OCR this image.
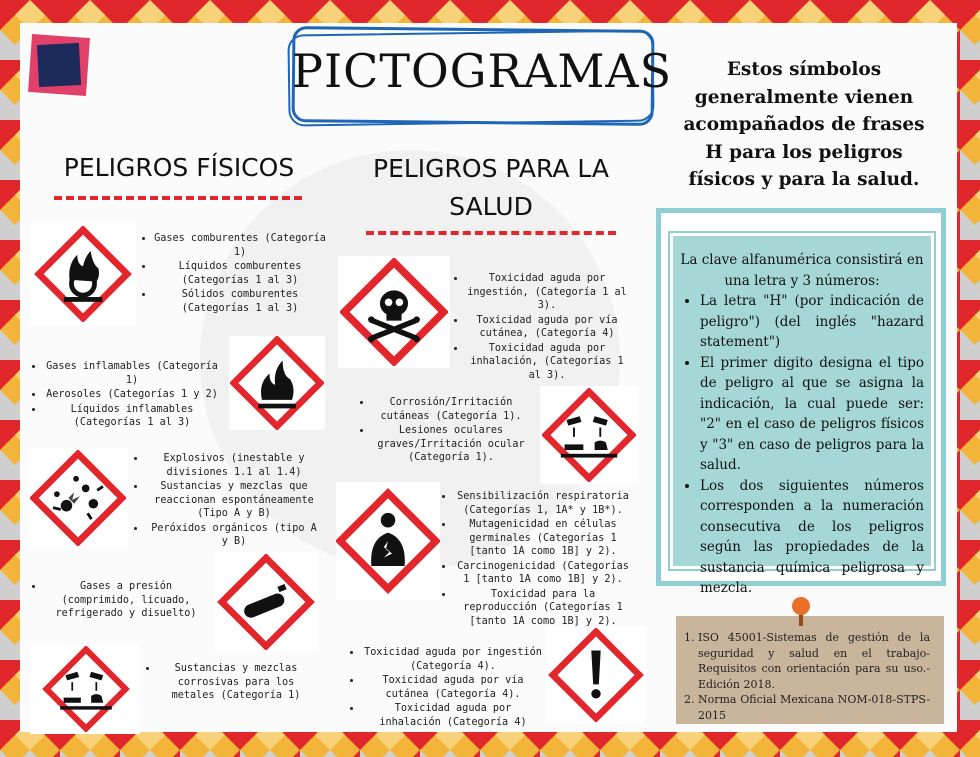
PICTOGRAMAS
PELIGROS FÍSICOS	PELIGROS PARA LA SALUD
Estos símbolos generalmente vienen acompañados de frases H para los peligros físicos y para la salud.

La clave alfanumérica consistirá en una letra y 3 números:

• La letra "H" (por indicación de peligro") (del inglés "hazard statement")
• El primer digito designa el tipo de peligro al que se asigna la indicación, la cual puede ser: "2" en el caso de peligros físicos y "3" en caso de peligros para la salud.
• Los dos siguientes números corresponden a la numeración consecutiva de los peligros según las propiedades de la sustancia química peligrosa y mezcla.
1. ISO 45001-Sistemas de gestión de la seguridad y salud en el trabajo- Requisitos con orientación para su uso.- Edición 2018.
2. Norma Oficial Mexicana NOM-018-STPS-2015
• Gases comburentes (Categoría 1)
• Líquidos comburentes (Categorías 1 al 3)
• Sólidos comburentes (Categorías 1 al 3)
• Gases inflamables (Categoría 1)
• Aerosoles (Categorías 1 y 2)
• Líquidos inflamables (Categorías 1 al 3)
• Explosivos (inestable y divisiones 1.1 al 1.4)
• Sustancias y mezclas que reaccionan espontáneamente (Tipo A y B)
• Peróxidos orgánicos (tipo A y B)
• Gases a presión (comprimido, licuado, refrigerado y disuelto)
• Sustancias y mezclas corrosivas para los metales (Categoría 1)
• Toxicidad aguda por ingestión, (Categoría 1 al 3).
• Toxicidad aguda por vía cutánea, (Categoría 4)
• Toxicidad aguda por inhalación, (Categorías 1 al 3).
• Corrosión/Irritación cutáneas (Categoría 1).
• Lesiones oculares graves/Irritación ocular (Categoría 1).
• Sensibilización respiratoria (Categorías 1, 1A* y 1B*).
• Mutagenicidad en células germinales (Categorías 1 [tanto 1A como 1B] y 2).
• Carcinogenicidad (Categorías 1 [tanto 1A como 1B] y 2).
• Toxicidad para la reproducción (Categorías 1 [tanto 1A como 1B] y 2).
• Toxicidad aguda por ingestión (Categoría 4).
• Toxicidad aguda por vía cutánea (Categoría 4).
• Toxicidad aguda por inhalación (Categoría 4)
